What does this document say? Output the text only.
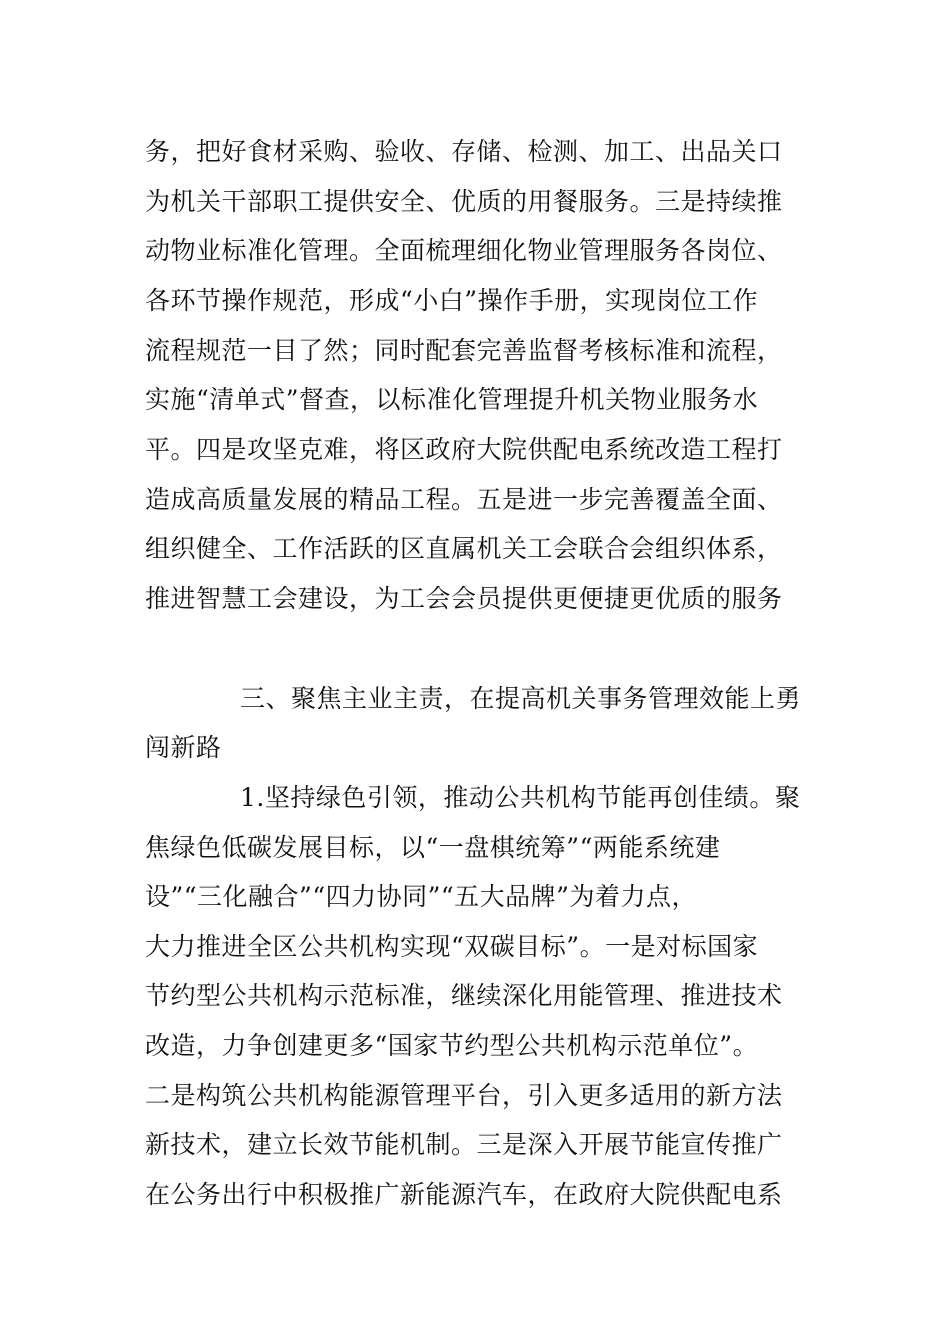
务，把好食材采购、验收、存储、检测、加工、出品关口
为机关干部职工提供安全、优质的用餐服务。三是持续推
动物业标准化管理。全面梳理细化物业管理服务各岗位、
各环节操作规范，形成“小白”操作手册，实现岗位工作
流程规范一目了然；同时配套完善监督考核标准和流程，
实施“清单式”督查，以标准化管理提升机关物业服务水
平。四是攻坚克难，将区政府大院供配电系统改造工程打
造成高质量发展的精品工程。五是进一步完善覆盖全面、
组织健全、工作活跃的区直属机关工会联合会组织体系，
推进智慧工会建设，为工会会员提供更便捷更优质的服务
三、聚焦主业主责，在提高机关事务管理效能上勇
闯新路
1.坚持绿色引领，推动公共机构节能再创佳绩。聚
焦绿色低碳发展目标，以“一盘棋统筹”“两能系统建
设”“三化融合”“四力协同”“五大品牌”为着力点，
大力推进全区公共机构实现“双碳目标”。一是对标国家
节约型公共机构示范标准，继续深化用能管理、推进技术
改造，力争创建更多“国家节约型公共机构示范单位”。
二是构筑公共机构能源管理平台，引入更多适用的新方法
新技术，建立长效节能机制。三是深入开展节能宣传推广
在公务出行中积极推广新能源汽车，在政府大院供配电系
